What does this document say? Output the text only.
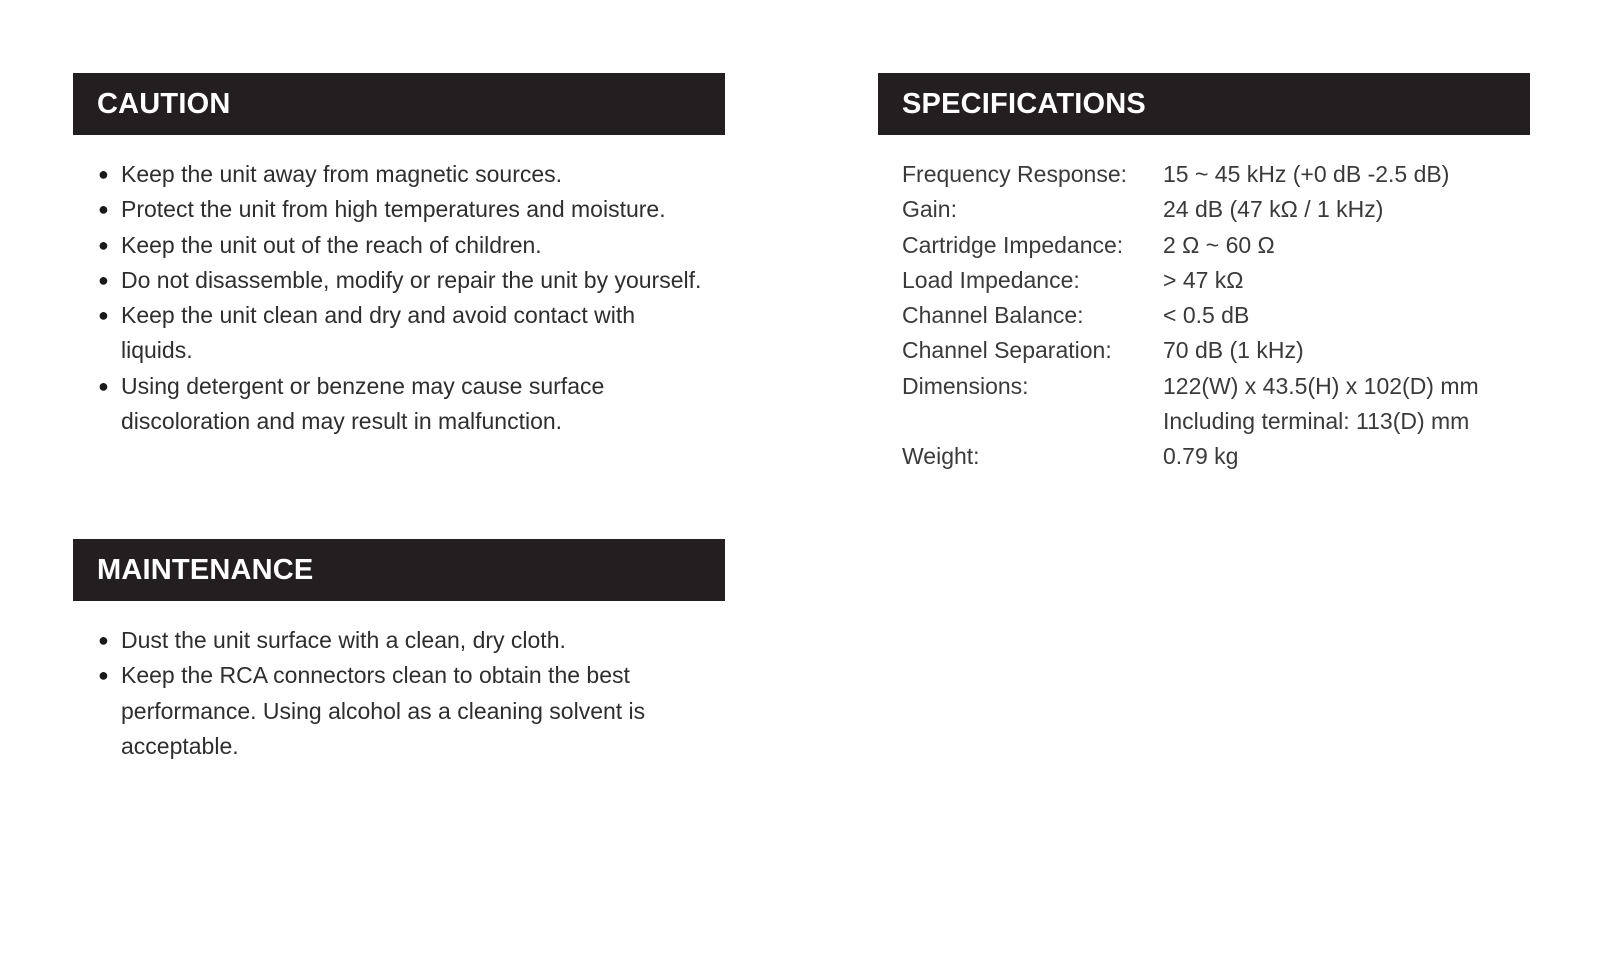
CAUTION
● Keep the unit away from magnetic sources.
● Protect the unit from high temperatures and moisture.
● Keep the unit out of the reach of children.
● Do not disassemble, modify or repair the unit by yourself.
● Keep the unit clean and dry and avoid contact with liquids.
● Using detergent or benzene may cause surface discoloration and may result in malfunction.
MAINTENANCE
● Dust the unit surface with a clean, dry cloth.
● Keep the RCA connectors clean to obtain the best performance. Using alcohol as a cleaning solvent is acceptable.
SPECIFICATIONS
Frequency Response:	15 ~ 45 kHz (+0 dB -2.5 dB)
Gain:	24 dB (47 kΩ / 1 kHz)
Cartridge Impedance:	2 Ω ~ 60 Ω
Load Impedance:	> 47 kΩ
Channel Balance:	< 0.5 dB
Channel Separation:	70 dB (1 kHz)
Dimensions:	122(W) x 43.5(H) x 102(D) mm
Including terminal: 113(D) mm
Weight:	0.79 kg
